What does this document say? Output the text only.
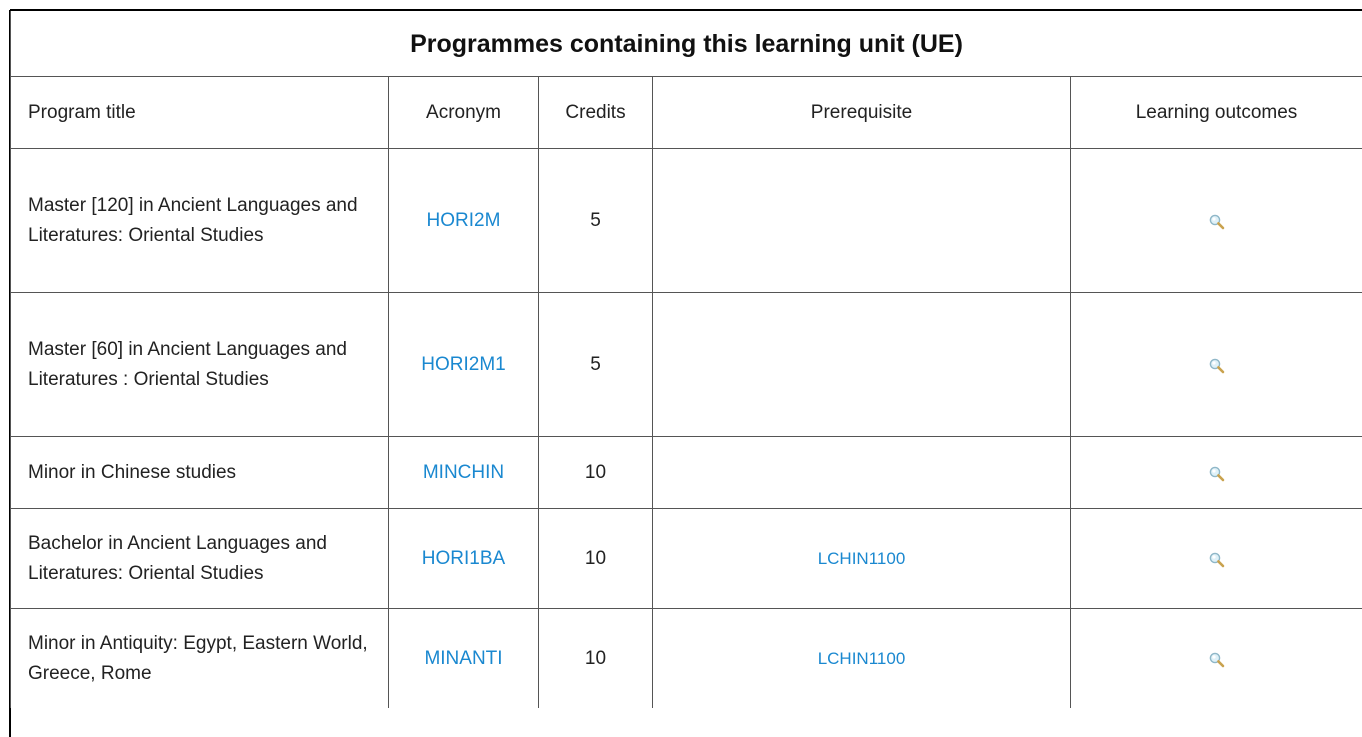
Programmes containing this learning unit (UE)				
Program title	Acronym	Credits	Prerequisite	Learning outcomes
Master [120] in Ancient Languages and Literatures: Oriental Studies	HORI2M	5		
Master [60] in Ancient Languages and Literatures : Oriental Studies	HORI2M1	5		
Minor in Chinese studies	MINCHIN	10		
Bachelor in Ancient Languages and Literatures: Oriental Studies	HORI1BA	10	LCHIN1100	
Minor in Antiquity: Egypt, Eastern World, Greece, Rome	MINANTI	10	LCHIN1100	
